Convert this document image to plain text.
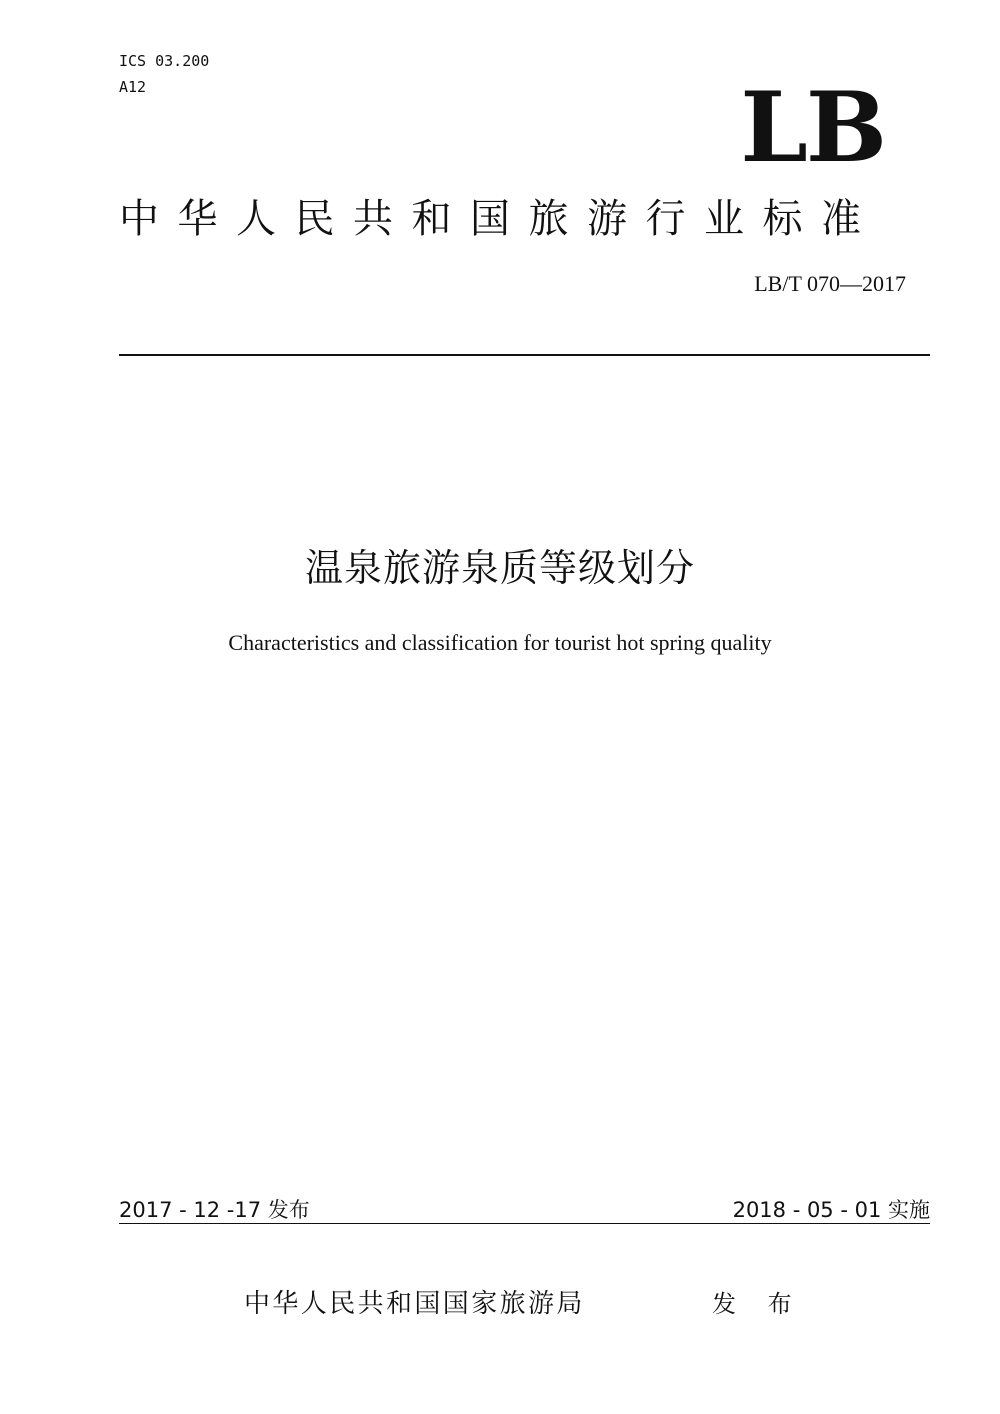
ICS 03.200
A12	LB
中华人民共和国旅游行业标准
LB/T 070—2017
温泉旅游泉质等级划分
Characteristics and classification for tourist hot spring quality
2017 - 12 -17 发布	2018 - 05 - 01 实施
中华人民共和国国家旅游局	发 布
